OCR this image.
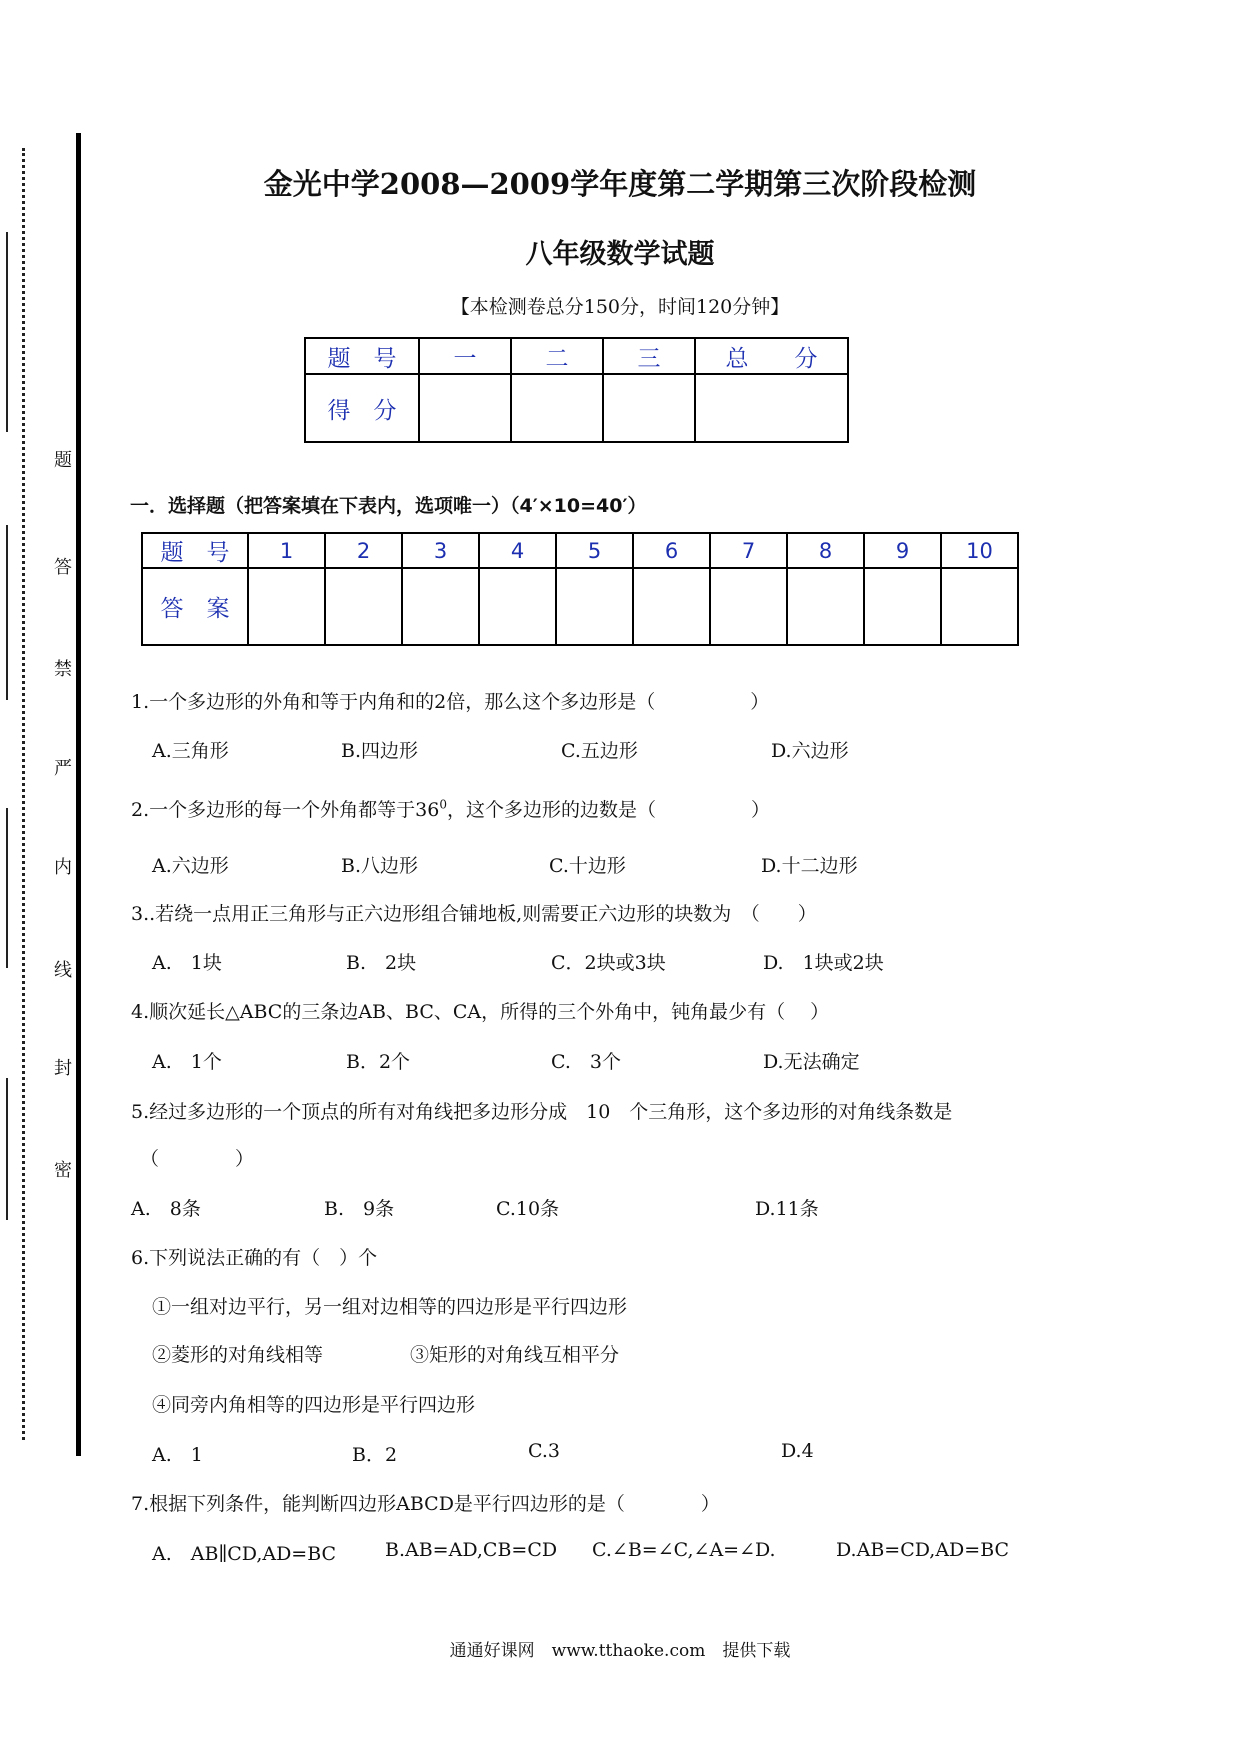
题
答
禁
严
内
线
封
密
金光中学2008—2009学年度第二学期第三次阶段检测
八年级数学试题
【本检测卷总分150分，时间120分钟】
题　号	一	二	三	总　　分
得　分				
一．选择题（把答案填在下表内，选项唯一）（4′×10=40′）
题　号	1	2	3	4	5	6	7	8	9	10
答　案										
1.一个多边形的外角和等于内角和的2倍，那么这个多边形是（　　　　　）
A.三角形	B.四边形	C.五边形	D.六边形
2.一个多边形的每一个外角都等于$36^0$，这个多边形的边数是（　　　　　）
A.六边形	B.八边形	C.十边形	D.十二边形
3..若绕一点用正三角形与正六边形组合铺地板,则需要正六边形的块数为　（　　）
A.　1块	B.　2块	C．2块或3块	D.　1块或2块
4.顺次延长△ABC的三条边AB、BC、CA，所得的三个外角中，钝角最少有（　 ）
A.　1个	B．2个	C.　3个	D.无法确定
5.经过多边形的一个顶点的所有对角线把多边形分成　10　个三角形，这个多边形的对角线条数是
（　　　　）
A.　8条	B.　9条	C.10条	D.11条
6.下列说法正确的有（　）个
①一组对边平行，另一组对边相等的四边形是平行四边形
②菱形的对角线相等	③矩形的对角线互相平分
④同旁内角相等的四边形是平行四边形
A.　1	B．2	C.3	D.4
7.根据下列条件，能判断四边形ABCD是平行四边形的是（　　　　）
A.　AB∥CD,AD=BC	B.AB=AD,CB=CD C.∠B=∠C,∠A=∠D.	D.AB=CD,AD=BC
通通好课网　www.tthaoke.com　提供下载
